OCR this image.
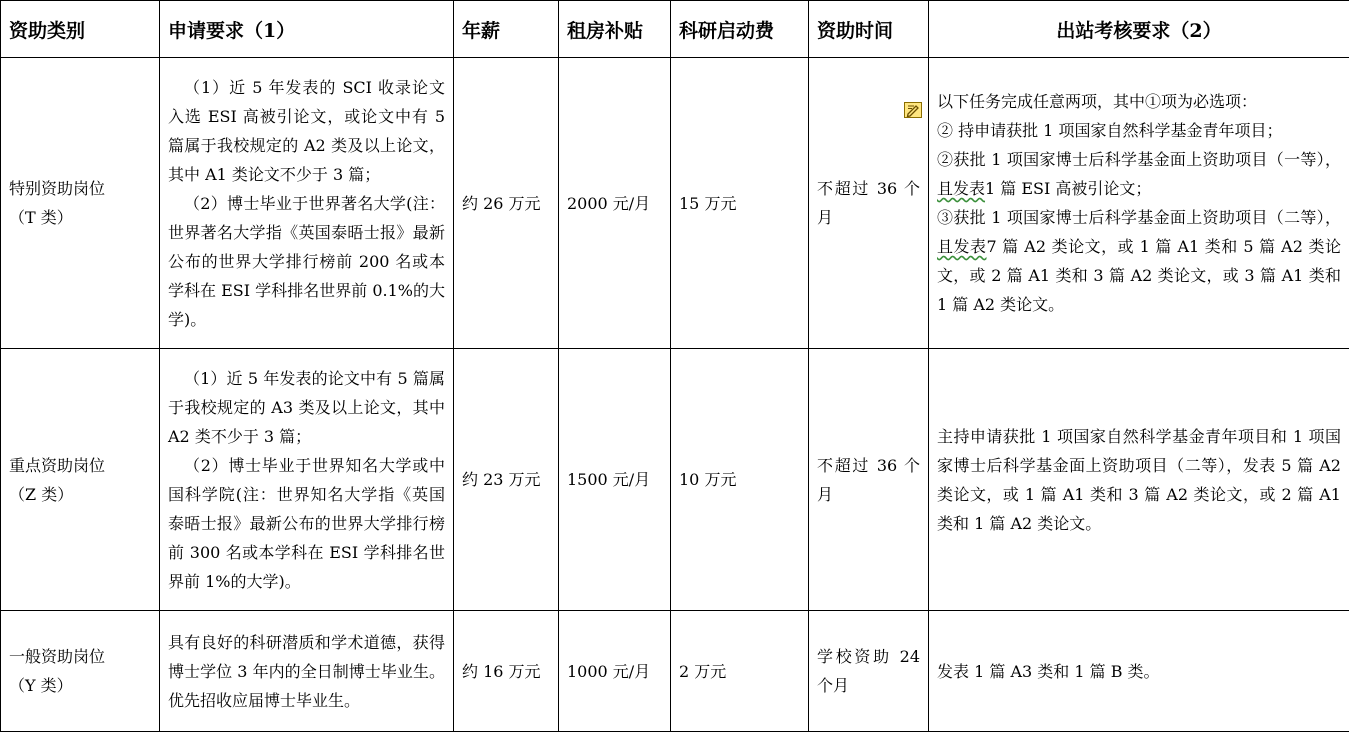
资助类别	申请要求（1）	年薪	租房补贴	科研启动费	资助时间	出站考核要求（2）

特别资助岗位
（T 类）	（1）近 5 年发表的 SCI 收录论文入选 ESI 高被引论文，或论文中有 5 篇属于我校规定的 A2 类及以上论文，其中 A1 类论文不少于 3 篇；
（2）博士毕业于世界著名大学(注：世界著名大学指《英国泰晤士报》最新公布的世界大学排行榜前 200 名或本学科在 ESI 学科排名世界前 0.1%的大学)。	约 26 万元	2000 元/月	15 万元	不超过 36 个月	以下任务完成任意两项，其中①项为必选项：
② 持申请获批 1 项国家自然科学基金青年项目；
②获批 1 项国家博士后科学基金面上资助项目（一等），且发表1 篇 ESI 高被引论文；
③获批 1 项国家博士后科学基金面上资助项目（二等），且发表7 篇 A2 类论文，或 1 篇 A1 类和 5 篇 A2 类论文，或 2 篇 A1 类和 3 篇 A2 类论文，或 3 篇 A1 类和 1 篇 A2 类论文。

重点资助岗位
（Z 类）	（1）近 5 年发表的论文中有 5 篇属于我校规定的 A3 类及以上论文，其中 A2 类不少于 3 篇；
（2）博士毕业于世界知名大学或中国科学院(注：世界知名大学指《英国泰晤士报》最新公布的世界大学排行榜前 300 名或本学科在 ESI 学科排名世界前 1%的大学)。	约 23 万元	1500 元/月	10 万元	不超过 36 个月	主持申请获批 1 项国家自然科学基金青年项目和 1 项国家博士后科学基金面上资助项目（二等），发表 5 篇 A2 类论文，或 1 篇 A1 类和 3 篇 A2 类论文，或 2 篇 A1 类和 1 篇 A2 类论文。

一般资助岗位
（Y 类）	具有良好的科研潜质和学术道德，获得博士学位 3 年内的全日制博士毕业生。优先招收应届博士毕业生。	约 16 万元	1000 元/月	2 万元	学校资助 24 个月	发表 1 篇 A3 类和 1 篇 B 类。
